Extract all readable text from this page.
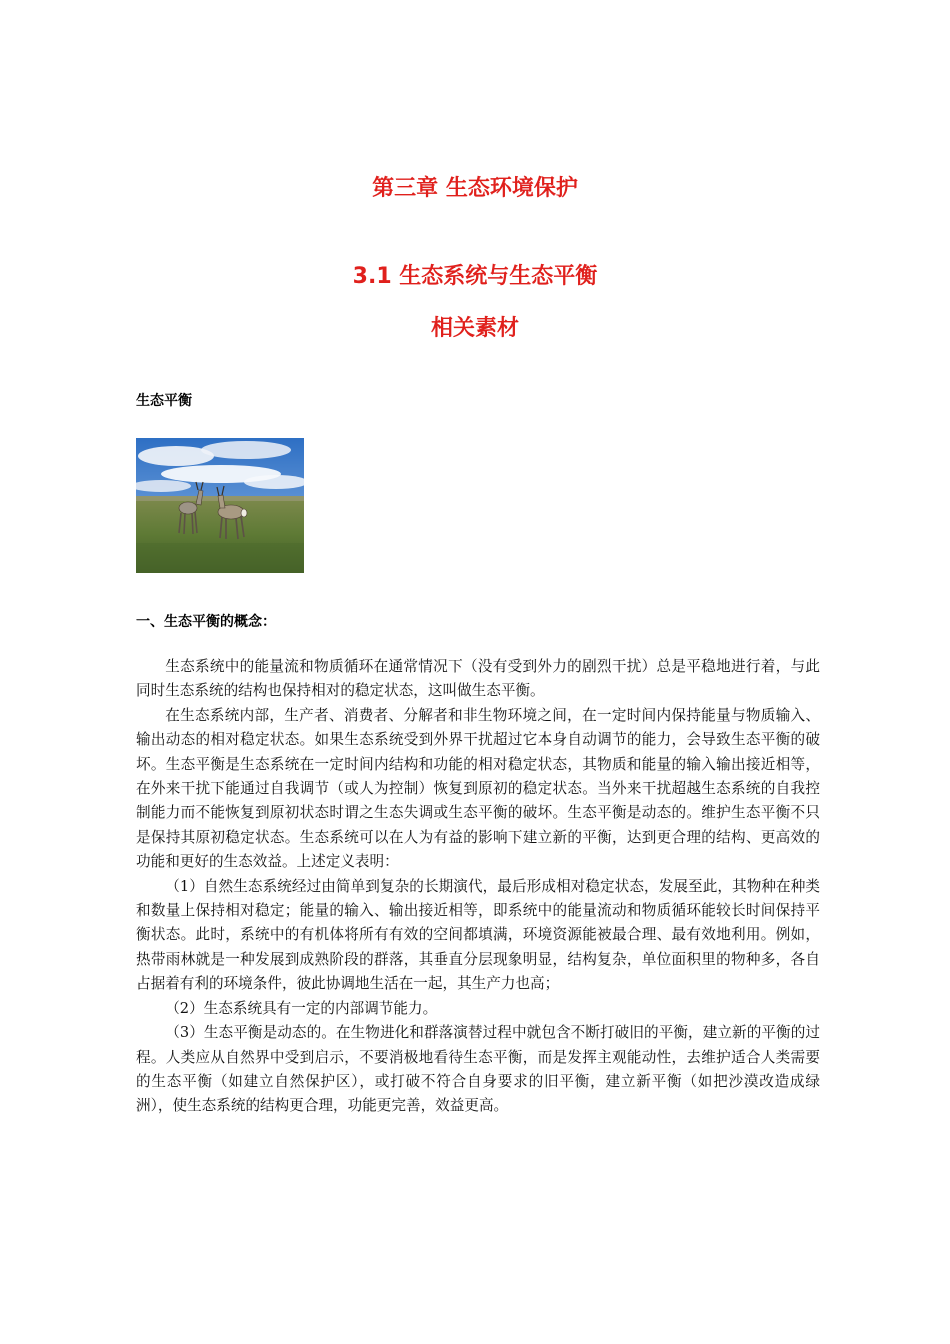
第三章 生态环境保护
3.1 生态系统与生态平衡
相关素材
生态平衡
一、生态平衡的概念：

生态系统中的能量流和物质循环在通常情况下（没有受到外力的剧烈干扰）总是平稳地进行着，与此同时生态系统的结构也保持相对的稳定状态，这叫做生态平衡。

在生态系统内部，生产者、消费者、分解者和非生物环境之间，在一定时间内保持能量与物质输入、输出动态的相对稳定状态。如果生态系统受到外界干扰超过它本身自动调节的能力，会导致生态平衡的破坏。生态平衡是生态系统在一定时间内结构和功能的相对稳定状态，其物质和能量的输入输出接近相等，在外来干扰下能通过自我调节（或人为控制）恢复到原初的稳定状态。当外来干扰超越生态系统的自我控制能力而不能恢复到原初状态时谓之生态失调或生态平衡的破坏。生态平衡是动态的。维护生态平衡不只是保持其原初稳定状态。生态系统可以在人为有益的影响下建立新的平衡，达到更合理的结构、更高效的功能和更好的生态效益。上述定义表明：

（1）自然生态系统经过由简单到复杂的长期演代，最后形成相对稳定状态，发展至此，其物种在种类和数量上保持相对稳定；能量的输入、输出接近相等，即系统中的能量流动和物质循环能较长时间保持平衡状态。此时，系统中的有机体将所有有效的空间都填满，环境资源能被最合理、最有效地利用。例如，热带雨林就是一种发展到成熟阶段的群落，其垂直分层现象明显，结构复杂，单位面积里的物种多，各自占据着有利的环境条件，彼此协调地生活在一起，其生产力也高；

（2）生态系统具有一定的内部调节能力。

（3）生态平衡是动态的。在生物进化和群落演替过程中就包含不断打破旧的平衡，建立新的平衡的过程。人类应从自然界中受到启示，不要消极地看待生态平衡，而是发挥主观能动性，去维护适合人类需要的生态平衡（如建立自然保护区），或打破不符合自身要求的旧平衡，建立新平衡（如把沙漠改造成绿洲），使生态系统的结构更合理，功能更完善，效益更高。
